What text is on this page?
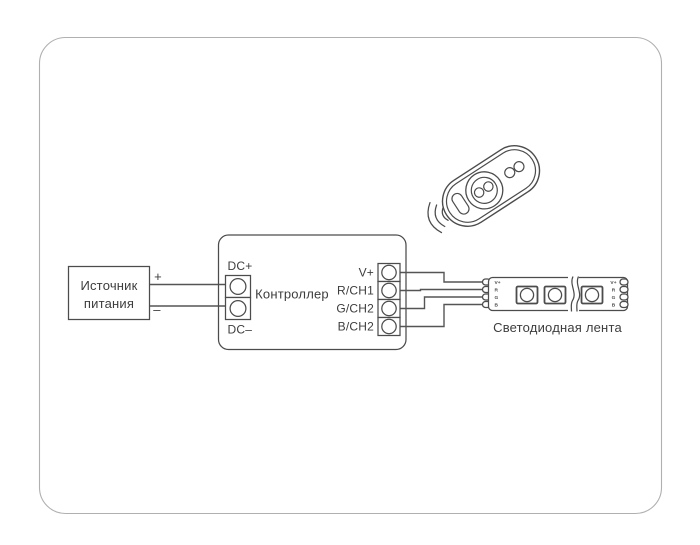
Источник
питания
+
–
Контроллер
DC+
DC–
V+
R/CH1
G/CH2
B/CH2
V+
R
G
B
V+
R
G
B
Светодиодная лента
